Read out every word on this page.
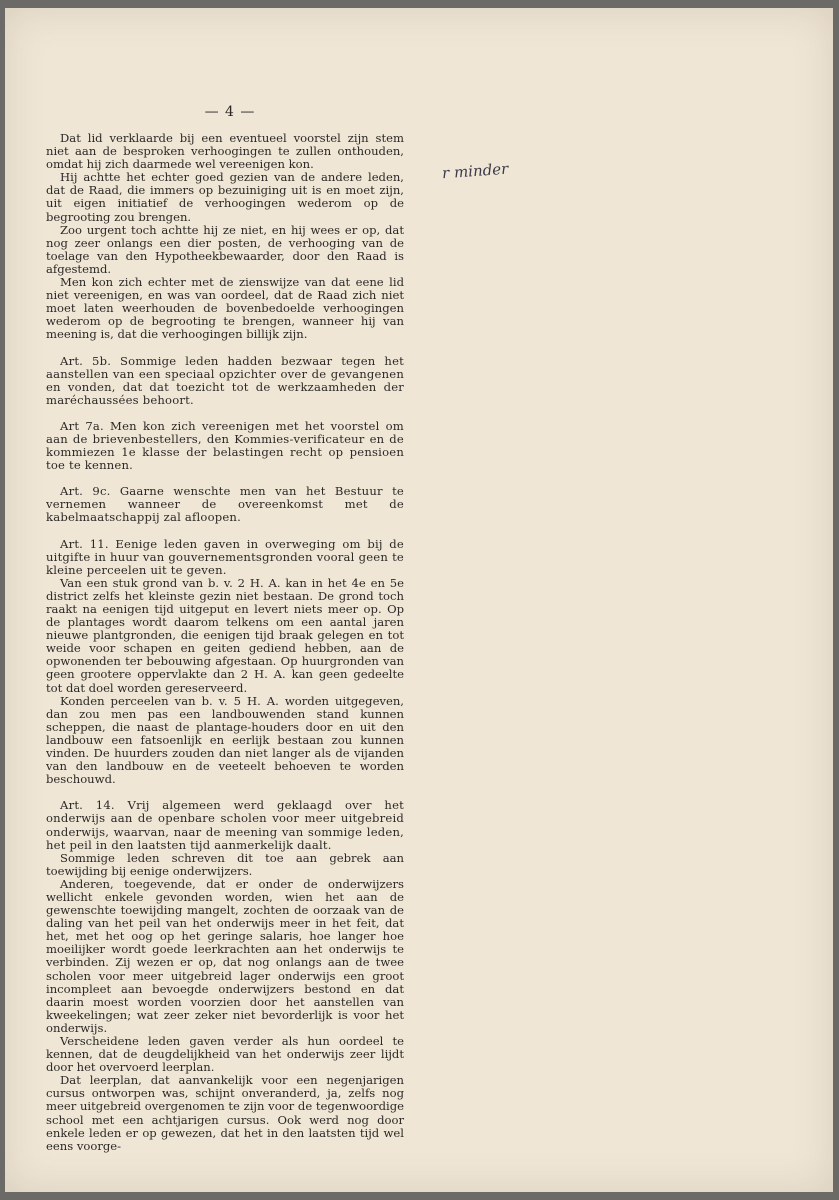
— 4 —
r minder

Dat lid verklaarde bij een eventueel voorstel zijn stem niet aan de besproken verhoogingen te zullen onthouden, omdat hij zich daarmede wel vereenigen kon.

Hij achtte het echter goed gezien van de andere leden, dat de Raad, die immers op bezuiniging uit is en moet zijn, uit eigen initiatief de verhoogingen wederom op de begrooting zou brengen.

Zoo urgent toch achtte hij ze niet, en hij wees er op, dat nog zeer onlangs een dier posten, de verhooging van de toelage van den Hypotheekbewaarder, door den Raad is afgestemd.

Men kon zich echter met de zienswijze van dat eene lid niet vereenigen, en was van oordeel, dat de Raad zich niet moet laten weerhouden de bovenbedoelde verhoogingen wederom op de begrooting te brengen, wanneer hij van meening is, dat die verhoogingen billijk zijn.

Art. 5b. Sommige leden hadden bezwaar tegen het aanstellen van een speciaal opzichter over de gevangenen en vonden, dat dat toezicht tot de werkzaamheden der maréchaussées behoort.

Art 7a. Men kon zich vereenigen met het voorstel om aan de brievenbestellers, den Kommies-verificateur en de kommiezen 1e klasse der belastingen recht op pensioen toe te kennen.

Art. 9c. Gaarne wenschte men van het Bestuur te vernemen wanneer de overeenkomst met de kabelmaatschappij zal afloopen.

Art. 11. Eenige leden gaven in overweging om bij de uitgifte in huur van gouvernementsgronden vooral geen te kleine perceelen uit te geven.

Van een stuk grond van b. v. 2 H. A. kan in het 4e en 5e district zelfs het kleinste gezin niet bestaan. De grond toch raakt na eenigen tijd uitgeput en levert niets meer op. Op de plantages wordt daarom telkens om een aantal jaren nieuwe plantgronden, die eenigen tijd braak gelegen en tot weide voor schapen en geiten gediend hebben, aan de opwonenden ter bebouwing afgestaan. Op huurgronden van geen grootere oppervlakte dan 2 H. A. kan geen gedeelte tot dat doel worden gereserveerd.

Konden perceelen van b. v. 5 H. A. worden uitgegeven, dan zou men pas een landbouwenden stand kunnen scheppen, die naast de plantage-houders door en uit den landbouw een fatsoenlijk en eerlijk bestaan zou kunnen vinden. De huurders zouden dan niet langer als de vijanden van den landbouw en de veeteelt behoeven te worden beschouwd.

Art. 14. Vrij algemeen werd geklaagd over het onderwijs aan de openbare scholen voor meer uitgebreid onderwijs, waarvan, naar de meening van sommige leden, het peil in den laatsten tijd aanmerkelijk daalt.

Sommige leden schreven dit toe aan gebrek aan toewijding bij eenige onderwijzers.

Anderen, toegevende, dat er onder de onderwijzers wellicht enkele gevonden worden, wien het aan de gewenschte toewijding mangelt, zochten de oorzaak van de daling van het peil van het onderwijs meer in het feit, dat het, met het oog op het geringe salaris, hoe langer hoe moeilijker wordt goede leerkrachten aan het onderwijs te verbinden. Zij wezen er op, dat nog onlangs aan de twee scholen voor meer uitgebreid lager onderwijs een groot incompleet aan bevoegde onderwijzers bestond en dat daarin moest worden voorzien door het aanstellen van kweekelingen; wat zeer zeker niet bevorderlijk is voor het onderwijs.

Verscheidene leden gaven verder als hun oordeel te kennen, dat de deugdelijkheid van het onderwijs zeer lijdt door het overvoerd leerplan.

Dat leerplan, dat aanvankelijk voor een negenjarigen cursus ontworpen was, schijnt onveranderd, ja, zelfs nog meer uitgebreid overgenomen te zijn voor de tegenwoordige school met een achtjarigen cursus. Ook werd nog door enkele leden er op gewezen, dat het in den laatsten tijd wel eens voorge-
